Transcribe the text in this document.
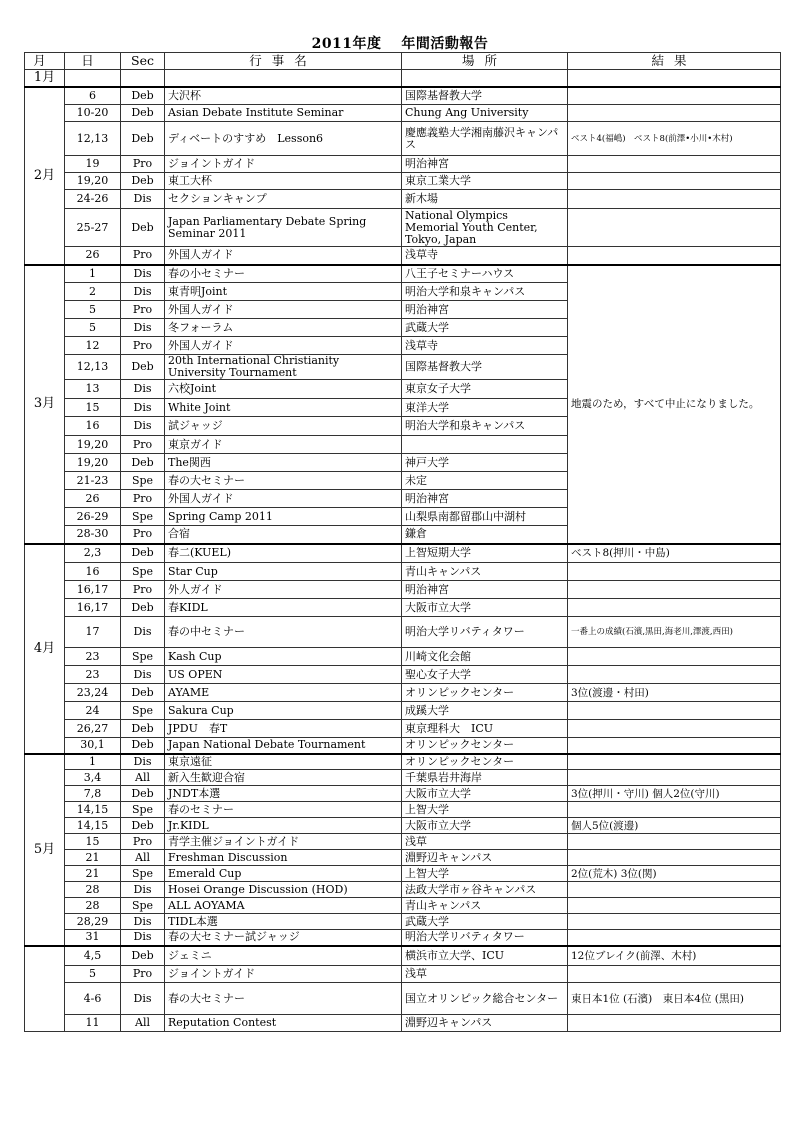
2011年度　 年間活動報告
月	日	Sec	行事名	場所	結果
1月					
2月	6	Deb	大沢杯	国際基督教大学	
	10-20	Deb	Asian Debate Institute Seminar	Chung Ang University	
	12,13	Deb	ディベートのすすめ　Lesson6	慶應義塾大学湘南藤沢キャンパス	ベスト4(福嶋)　ベスト8(前澤•小川•木村)
	19	Pro	ジョイントガイド	明治神宮	
	19,20	Deb	東工大杯	東京工業大学	
	24-26	Dis	セクションキャンプ	新木場	
	25-27	Deb	Japan Parliamentary Debate Spring Seminar 2011	National Olympics Memorial Youth Center, Tokyo, Japan	
	26	Pro	外国人ガイド	浅草寺	
3月	1	Dis	春の小セミナー	八王子セミナーハウス	地震のため，すべて中止になりました。
	2	Dis	東青明Joint	明治大学和泉キャンパス	
	5	Pro	外国人ガイド	明治神宮	
	5	Dis	冬フォーラム	武蔵大学	
	12	Pro	外国人ガイド	浅草寺	
	12,13	Deb	20th International Christianity University Tournament	国際基督教大学	
	13	Dis	六校Joint	東京女子大学	
	15	Dis	White Joint	東洋大学	
	16	Dis	試ジャッジ	明治大学和泉キャンパス	
	19,20	Pro	東京ガイド		
	19,20	Deb	The関西	神戸大学	
	21-23	Spe	春の大セミナー	未定	
	26	Pro	外国人ガイド	明治神宮	
	26-29	Spe	Spring Camp 2011	山梨県南都留郡山中湖村	
	28-30	Pro	合宿	鎌倉	
4月	2,3	Deb	春二(KUEL)	上智短期大学	ベスト8(押川・中島)
	16	Spe	Star Cup	青山キャンパス	
	16,17	Pro	外人ガイド	明治神宮	
	16,17	Deb	春KIDL	大阪市立大学	
	17	Dis	春の中セミナー	明治大学リバティタワー	一番上の成績(石濱,黒田,海老川,澤渡,西田)
	23	Spe	Kash Cup	川崎文化会館	
	23	Dis	US OPEN	聖心女子大学	
	23,24	Deb	AYAME	オリンピックセンター	3位(渡邊・村田)
	24	Spe	Sakura Cup	成蹊大学	
	26,27	Deb	JPDU　春T	東京理科大　ICU	
	30,1	Deb	Japan National Debate Tournament	オリンピックセンター	
5月	1	Dis	東京遠征	オリンピックセンター	
	3,4	All	新入生歓迎合宿	千葉県岩井海岸	
	7,8	Deb	JNDT本選	大阪市立大学	3位(押川・守川) 個人2位(守川)
	14,15	Spe	春のセミナー	上智大学	
	14,15	Deb	Jr.KIDL	大阪市立大学	個人5位(渡邊)
	15	Pro	青学主催ジョイントガイド	浅草	
	21	All	Freshman Discussion	淵野辺キャンパス	
	21	Spe	Emerald Cup	上智大学	2位(荒木) 3位(関)
	28	Dis	Hosei Orange Discussion (HOD)	法政大学市ヶ谷キャンパス	
	28	Spe	ALL AOYAMA	青山キャンパス	
	28,29	Dis	TIDL本選	武蔵大学	
	31	Dis	春の大セミナー試ジャッジ	明治大学リバティタワー	
	4,5	Deb	ジェミニ	横浜市立大学、ICU	12位ブレイク(前澤、木村)
	5	Pro	ジョイントガイド	浅草	
	4-6	Dis	春の大セミナー	国立オリンピック総合センター	東日本1位 (石濱)　東日本4位 (黒田)
	11	All	Reputation Contest	淵野辺キャンパス	
